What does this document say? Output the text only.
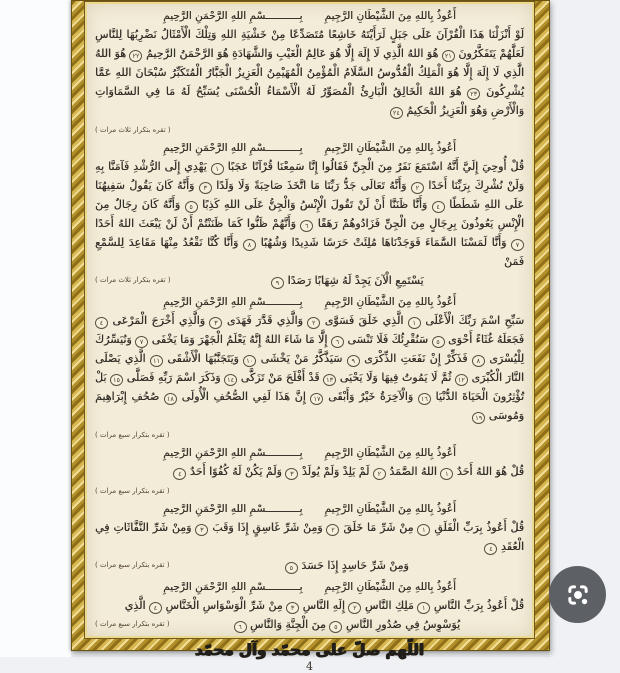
أَعُوذُ بِاللهِ مِنَ الشَّيْطَانِ الرَّجِيمِ
بِـــــــــــسْمِ اللهِ الرَّحْمَنِ الرَّحِيمِ
لَوْ أَنْزَلْنَا هَذَا الْقُرْآنَ عَلَى جَبَلٍ لَرَأَيْتَهُ خَاشِعًا مُتَصَدِّعًا مِنْ خَشْيَةِ اللهِ وَتِلْكَ الْأَمْثَالُ نَضْرِبُهَا لِلنَّاسِ لَعَلَّهُمْ يَتَفَكَّرُونَ ٢١ هُوَ اللهُ الَّذِي لَا إِلَهَ إِلَّا هُوَ عَالِمُ الْغَيْبِ وَالشَّهَادَةِ هُوَ الرَّحْمَنُ الرَّحِيمُ ٢٢ هُوَ اللهُ الَّذِي لَا إِلَهَ إِلَّا هُوَ الْمَلِكُ الْقُدُّوسُ السَّلَامُ الْمُؤْمِنُ الْمُهَيْمِنُ الْعَزِيزُ الْجَبَّارُ الْمُتَكَبِّرُ سُبْحَانَ اللهِ عَمَّا يُشْرِكُونَ ٢٣ هُوَ اللهُ الْخَالِقُ الْبَارِئُ الْمُصَوِّرُ لَهُ الْأَسْمَاءُ الْحُسْنَى يُسَبِّحُ لَهُ مَا فِي السَّمَاوَاتِ وَالْأَرْضِ وَهُوَ الْعَزِيزُ الْحَكِيمُ ٢٤
( تقره بتكرار ثلاث مرات )
أَعُوذُ بِاللهِ مِنَ الشَّيْطَانِ الرَّجِيمِ
بِـــــــــــسْمِ اللهِ الرَّحْمَنِ الرَّحِيمِ
قُلْ أُوحِيَ إِلَيَّ أَنَّهُ اسْتَمَعَ نَفَرٌ مِنَ الْجِنِّ فَقَالُوا إِنَّا سَمِعْنَا قُرْآنًا عَجَبًا ١ يَهْدِي إِلَى الرُّشْدِ فَآمَنَّا بِهِ وَلَنْ نُشْرِكَ بِرَبِّنَا أَحَدًا ٢ وَأَنَّهُ تَعَالَى جَدُّ رَبِّنَا مَا اتَّخَذَ صَاحِبَةً وَلَا وَلَدًا ٣ وَأَنَّهُ كَانَ يَقُولُ سَفِيهُنَا عَلَى اللهِ شَطَطًا ٤ وَأَنَّا ظَنَنَّا أَنْ لَنْ تَقُولَ الْإِنْسُ وَالْجِنُّ عَلَى اللهِ كَذِبًا ٥ وَأَنَّهُ كَانَ رِجَالٌ مِنَ الْإِنْسِ يَعُوذُونَ بِرِجَالٍ مِنَ الْجِنِّ فَزَادُوهُمْ رَهَقًا ٦ وَأَنَّهُمْ ظَنُّوا كَمَا ظَنَنْتُمْ أَنْ لَنْ يَبْعَثَ اللهُ أَحَدًا ٧ وَأَنَّا لَمَسْنَا السَّمَاءَ فَوَجَدْنَاهَا مُلِئَتْ حَرَسًا شَدِيدًا وَشُهُبًا ٨ وَأَنَّا كُنَّا نَقْعُدُ مِنْهَا مَقَاعِدَ لِلسَّمْعِ فَمَنْ
( تقره بتكرار ثلاث مرات )	يَسْتَمِعِ الْآنَ يَجِدْ لَهُ شِهَابًا رَصَدًا ٩
أَعُوذُ بِاللهِ مِنَ الشَّيْطَانِ الرَّجِيمِ
بِـــــــــــسْمِ اللهِ الرَّحْمَنِ الرَّحِيمِ
سَبِّحِ اسْمَ رَبِّكَ الْأَعْلَى ١ الَّذِي خَلَقَ فَسَوَّى ٢ وَالَّذِي قَدَّرَ فَهَدَى ٣ وَالَّذِي أَخْرَجَ الْمَرْعَى ٤ فَجَعَلَهُ غُثَاءً أَحْوَى ٥ سَنُقْرِئُكَ فَلَا تَنْسَى ٦ إِلَّا مَا شَاءَ اللهُ إِنَّهُ يَعْلَمُ الْجَهْرَ وَمَا يَخْفَى ٧ وَنُيَسِّرُكَ لِلْيُسْرَى ٨ فَذَكِّرْ إِنْ نَفَعَتِ الذِّكْرَى ٩ سَيَذَّكَّرُ مَنْ يَخْشَى ١٠ وَيَتَجَنَّبُهَا الْأَشْقَى ١١ الَّذِي يَصْلَى النَّارَ الْكُبْرَى ١٢ ثُمَّ لَا يَمُوتُ فِيهَا وَلَا يَحْيَى ١٣ قَدْ أَفْلَحَ مَنْ تَزَكَّى ١٤ وَذَكَرَ اسْمَ رَبِّهِ فَصَلَّى ١٥ بَلْ تُؤْثِرُونَ الْحَيَاةَ الدُّنْيَا ١٦ وَالْآخِرَةُ خَيْرٌ وَأَبْقَى ١٧ إِنَّ هَذَا لَفِي الصُّحُفِ الْأُولَى ١٨ صُحُفِ إِبْرَاهِيمَ وَمُوسَى ١٩
( تقره بتكرار سبع مرات )
أَعُوذُ بِاللهِ مِنَ الشَّيْطَانِ الرَّجِيمِ
بِـــــــــــسْمِ اللهِ الرَّحْمَنِ الرَّحِيمِ
قُلْ هُوَ اللهُ أَحَدٌ ١ اللهُ الصَّمَدُ ٢ لَمْ يَلِدْ وَلَمْ يُولَدْ ٣ وَلَمْ يَكُنْ لَهُ كُفُوًا أَحَدٌ ٤
( تقره بتكرار سبع مرات )
أَعُوذُ بِاللهِ مِنَ الشَّيْطَانِ الرَّجِيمِ
بِـــــــــــسْمِ اللهِ الرَّحْمَنِ الرَّحِيمِ
قُلْ أَعُوذُ بِرَبِّ الْفَلَقِ ١ مِنْ شَرِّ مَا خَلَقَ ٢ وَمِنْ شَرِّ غَاسِقٍ إِذَا وَقَبَ ٣ وَمِنْ شَرِّ النَّفَّاثَاتِ فِي الْعُقَدِ ٤
( تقره بتكرار سبع مرات )	وَمِنْ شَرِّ حَاسِدٍ إِذَا حَسَدَ ٥
أَعُوذُ بِاللهِ مِنَ الشَّيْطَانِ الرَّجِيمِ
بِـــــــــــسْمِ اللهِ الرَّحْمَنِ الرَّحِيمِ
قُلْ أَعُوذُ بِرَبِّ النَّاسِ ١ مَلِكِ النَّاسِ ٢ إِلَهِ النَّاسِ ٣ مِنْ شَرِّ الْوَسْوَاسِ الْخَنَّاسِ ٤ الَّذِي
( تقره بتكرار سبع مرات )	يُوَسْوِسُ فِي صُدُورِ النَّاسِ ٥ مِنَ الْجِنَّةِ وَالنَّاسِ ٦
اللّهم صلّ على محمّد وآل محمّد
4
